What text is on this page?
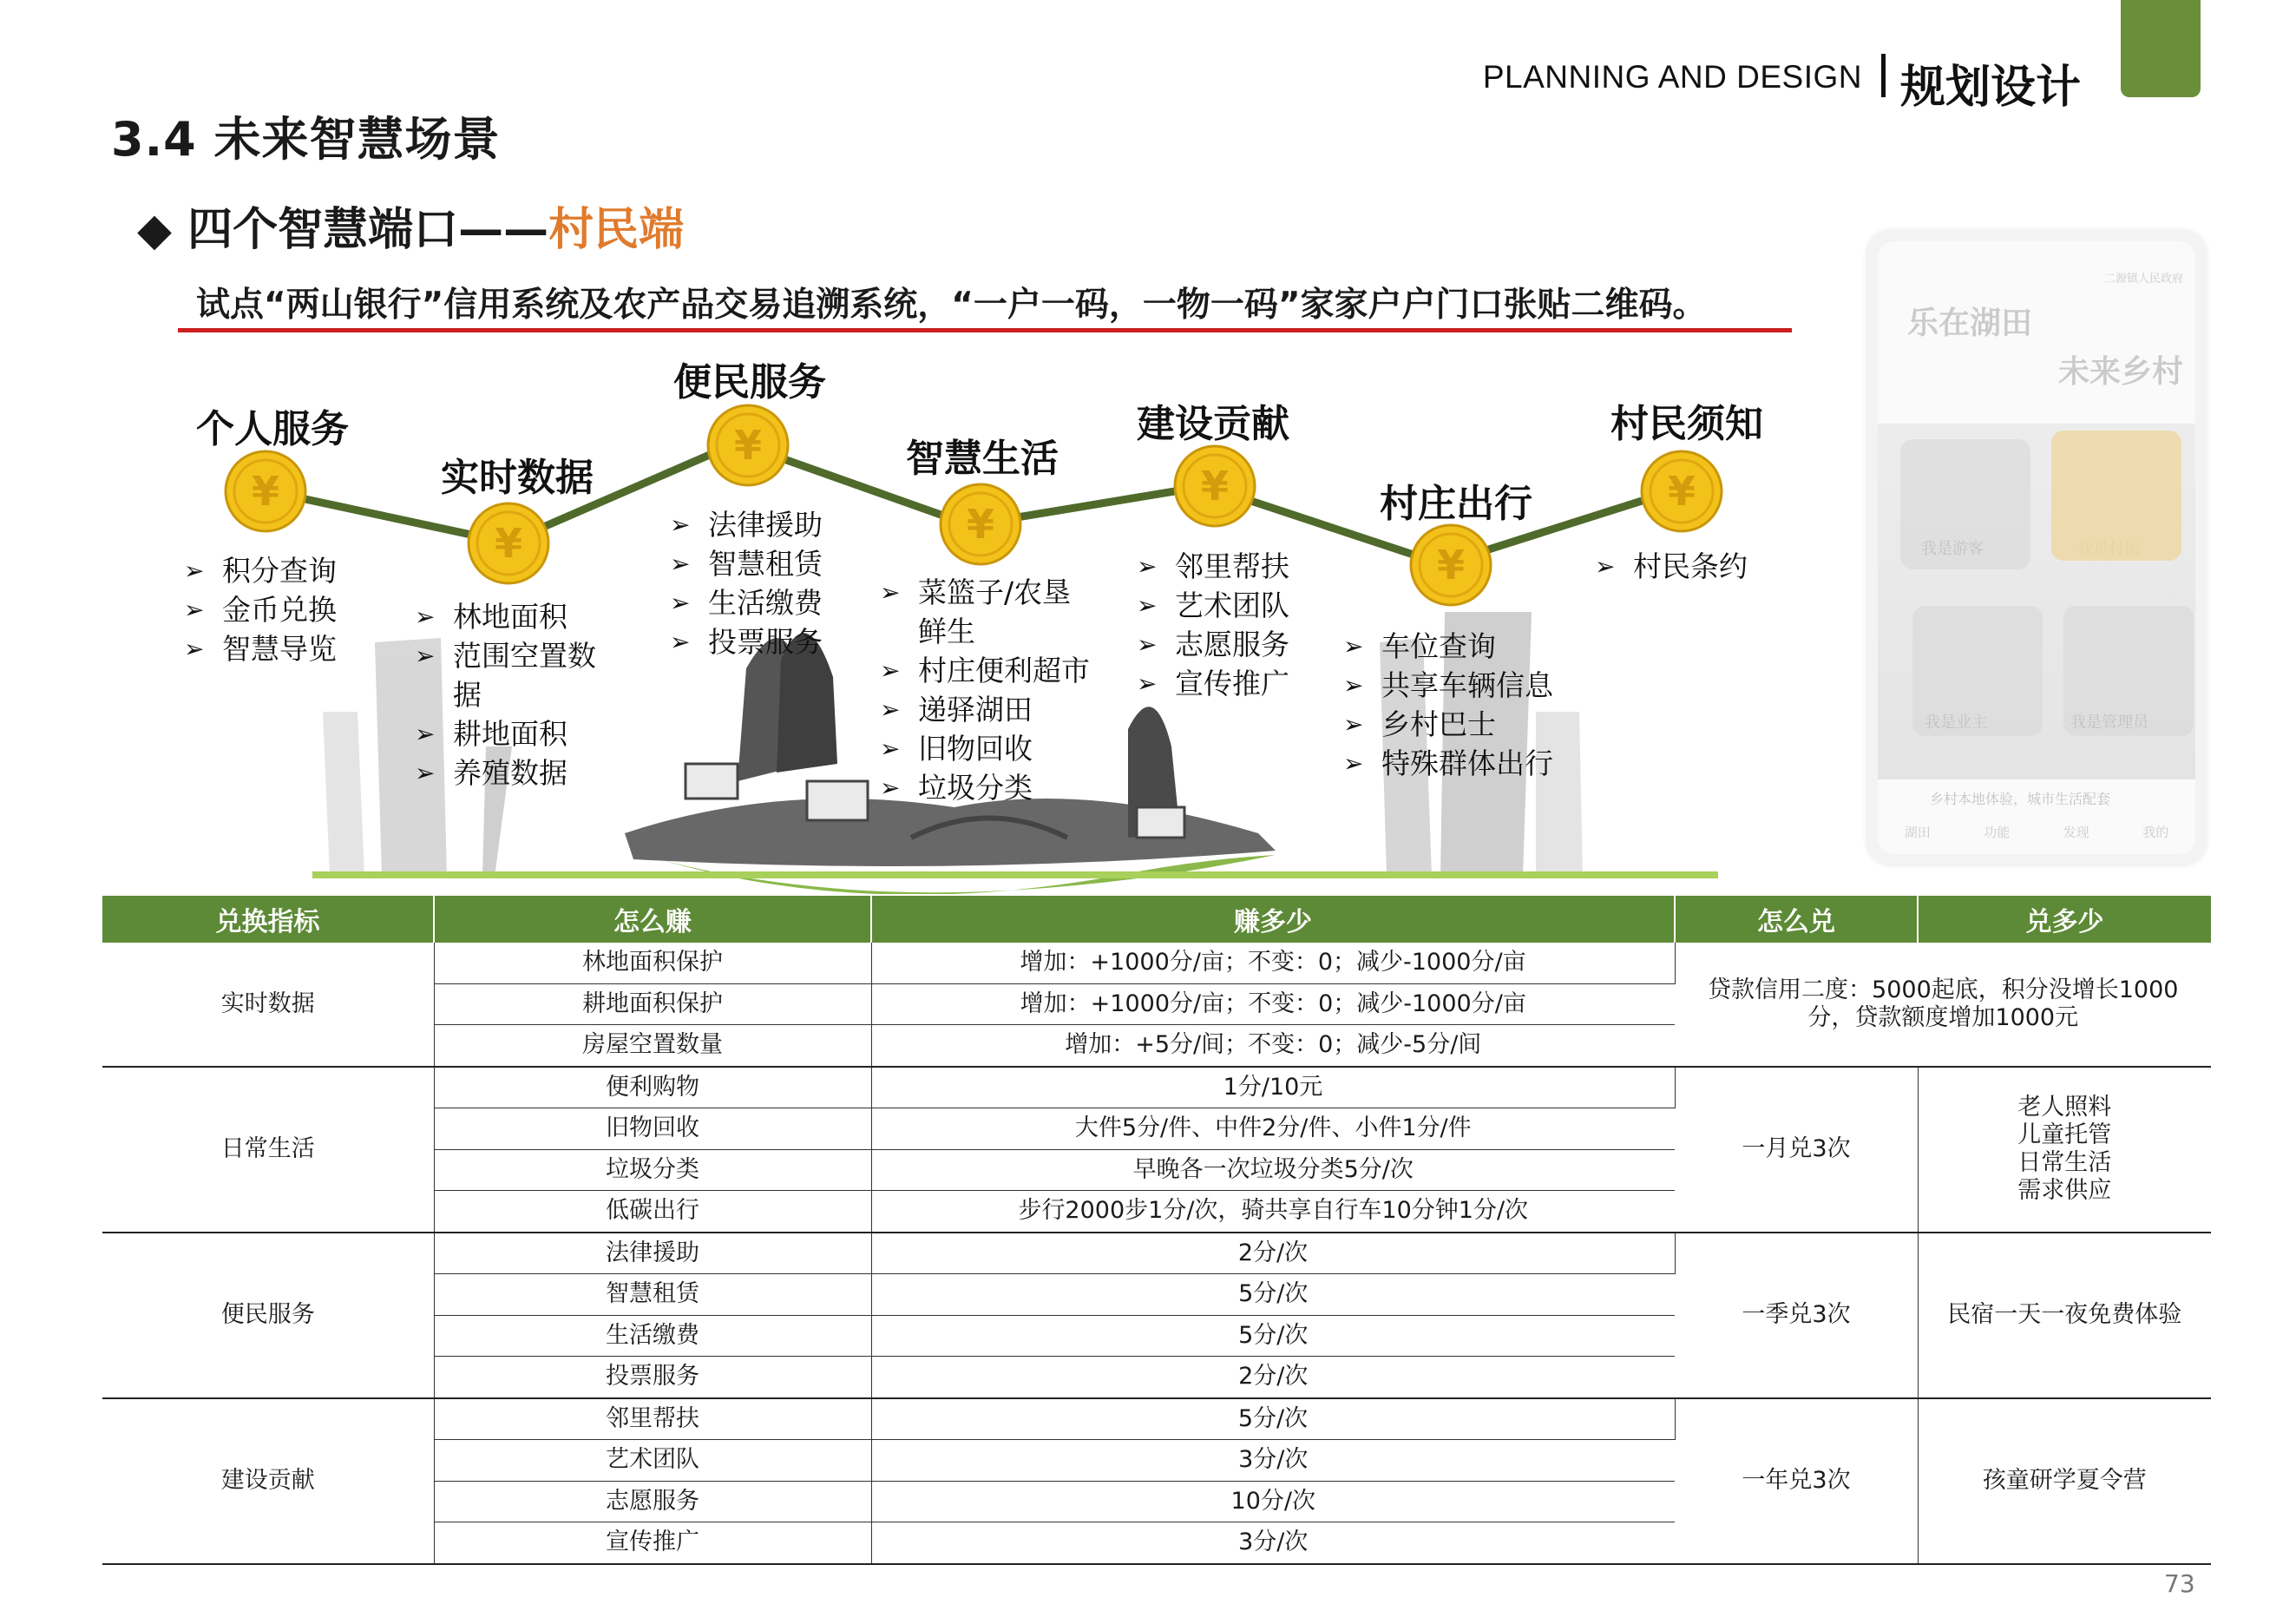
PLANNING AND DESIGN 规划设计
3.4 未来智慧场景
◆ 四个智慧端口——村民端
试点“两山银行”信用系统及农产品交易追溯系统，“一户一码，一物一码”家家户户门口张贴二维码。
¥
¥
¥
¥
¥
¥
¥
个人服务
实时数据
便民服务
智慧生活
建设贡献
村庄出行
村民须知
➢ 积分查询
➢ 金币兑换
➢ 智慧导览
➢ 林地面积
➢ 范围空置数据
➢ 耕地面积
➢ 养殖数据
➢ 法律援助
➢ 智慧租赁
➢ 生活缴费
➢ 投票服务
➢ 菜篮子/农垦鲜生
➢ 村庄便利超市
➢ 递驿湖田
➢ 旧物回收
➢ 垃圾分类
➢ 邻里帮扶
➢ 艺术团队
➢ 志愿服务
➢ 宣传推广
➢ 车位查询
➢ 共享车辆信息
➢ 乡村巴士
➢ 特殊群体出行
➢ 村民条约
二源镇人民政府
乐在湖田
未来乡村
我是游客	我是村民
我是业主	我是管理员
乡村本地体验，城市生活配套
湖田	功能	发现	我的
兑换指标	怎么赚	赚多少	怎么兑	兑多少
实时数据	林地面积保护	增加：+1000分/亩；不变：0；减少-1000分/亩	贷款信用二度：5000起底，积分没增长1000分，贷款额度增加1000元	
	耕地面积保护	增加：+1000分/亩；不变：0；减少-1000分/亩		
	房屋空置数量	增加：+5分/间；不变：0；减少-5分/间		
日常生活	便利购物	1分/10元	一月兑3次	老人照料
儿童托管
日常生活
需求供应
	旧物回收	大件5分/件、中件2分/件、小件1分/件		
	垃圾分类	早晚各一次垃圾分类5分/次		
	低碳出行	步行2000步1分/次，骑共享自行车10分钟1分/次		
便民服务	法律援助	2分/次	一季兑3次	民宿一天一夜免费体验
	智慧租赁	5分/次		
	生活缴费	5分/次		
	投票服务	2分/次		
建设贡献	邻里帮扶	5分/次	一年兑3次	孩童研学夏令营
	艺术团队	3分/次		
	志愿服务	10分/次		
	宣传推广	3分/次		
73
